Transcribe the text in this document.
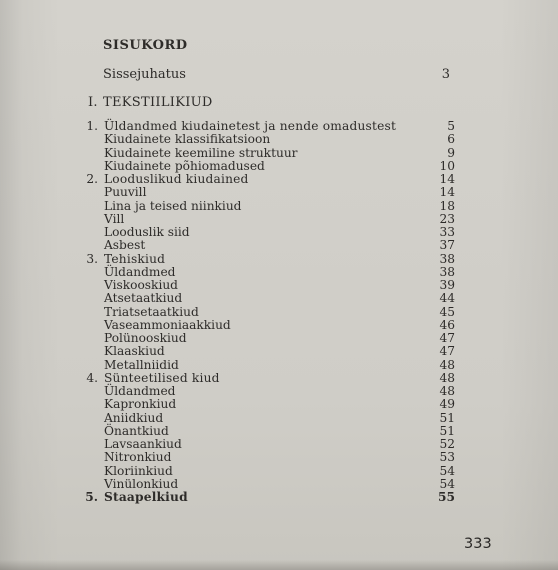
SISUKORD
Sissejuhatus	3
I. TEKSTIILIKIUD
1. Üldandmed kiudainetest ja nende omadustest	5
Kiudainete klassifikatsioon	6
Kiudainete keemiline struktuur	9
Kiudainete põhiomadused	10
2. Looduslikud kiudained	14
Puuvill	14
Lina ja teised niinkiud	18
Vill	23
Looduslik siid	33
Asbest	37
3. Tehiskiud	38
Üldandmed	38
Viskooskiud	39
Atsetaatkiud	44
Triatsetaatkiud	45
Vaseammoniaakkiud	46
Polünooskiud	47
Klaaskiud	47
Metallniidid	48
4. Sünteetilised kiud	48
Üldandmed	48
Kapronkiud	49
Aniidkiud	51
Önantkiud	51
Lavsaankiud	52
Nitronkiud	53
Kloriinkiud	54
Vinülonkiud	54
5. Staapelkiud	55
333
